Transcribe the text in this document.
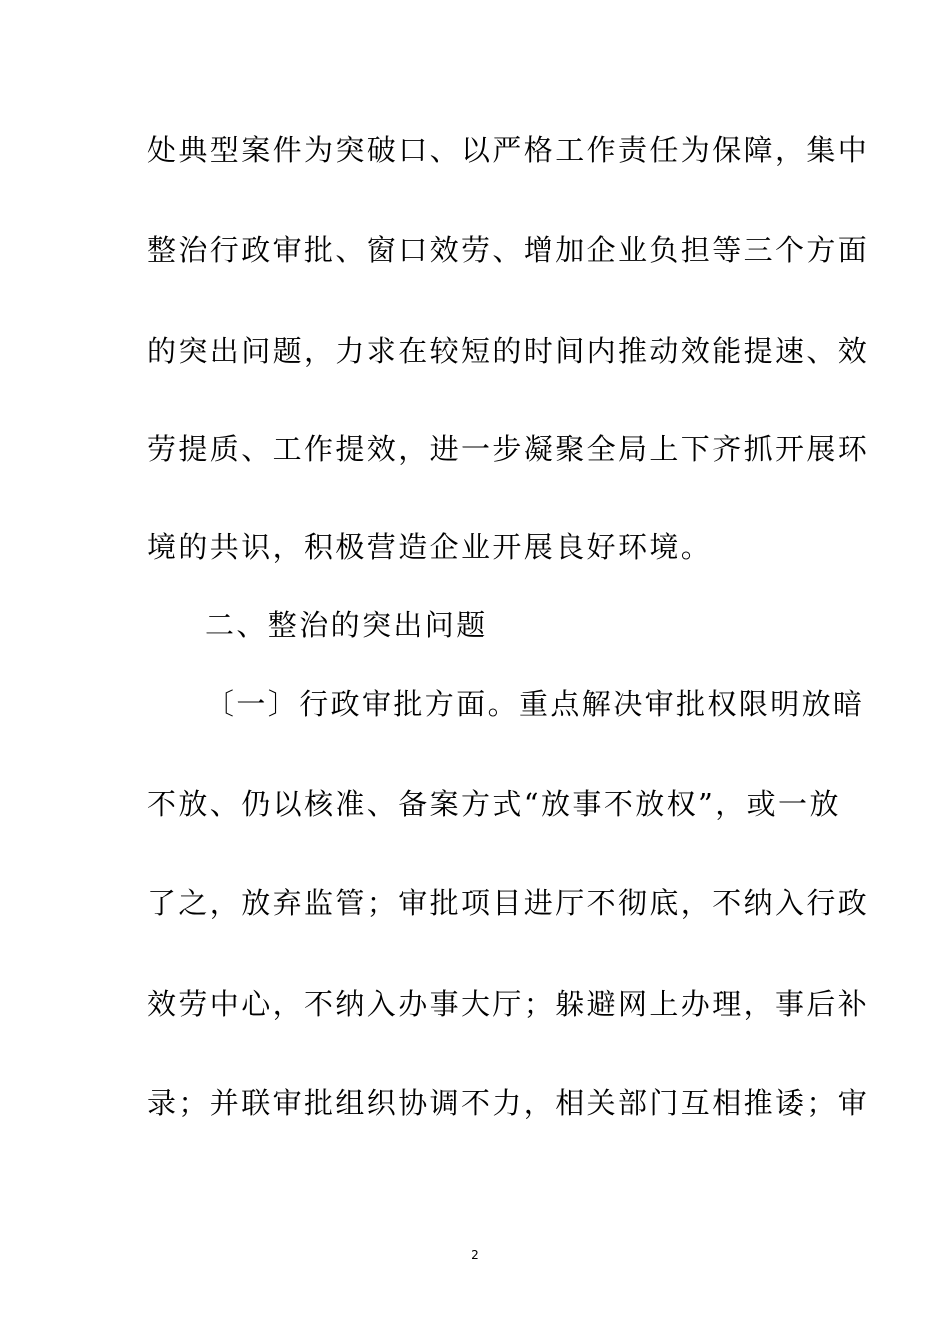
处典型案件为突破口、以严格工作责任为保障，集中
整治行政审批、窗口效劳、增加企业负担等三个方面
的突出问题，力求在较短的时间内推动效能提速、效
劳提质、工作提效，进一步凝聚全局上下齐抓开展环
境的共识，积极营造企业开展良好环境。
二、整治的突出问题
〔一〕行政审批方面。重点解决审批权限明放暗
不放、仍以核准、备案方式“放事不放权”，或一放
了之，放弃监管；审批项目进厅不彻底，不纳入行政
效劳中心，不纳入办事大厅；躲避网上办理，事后补
录；并联审批组织协调不力，相关部门互相推诿；审
2
